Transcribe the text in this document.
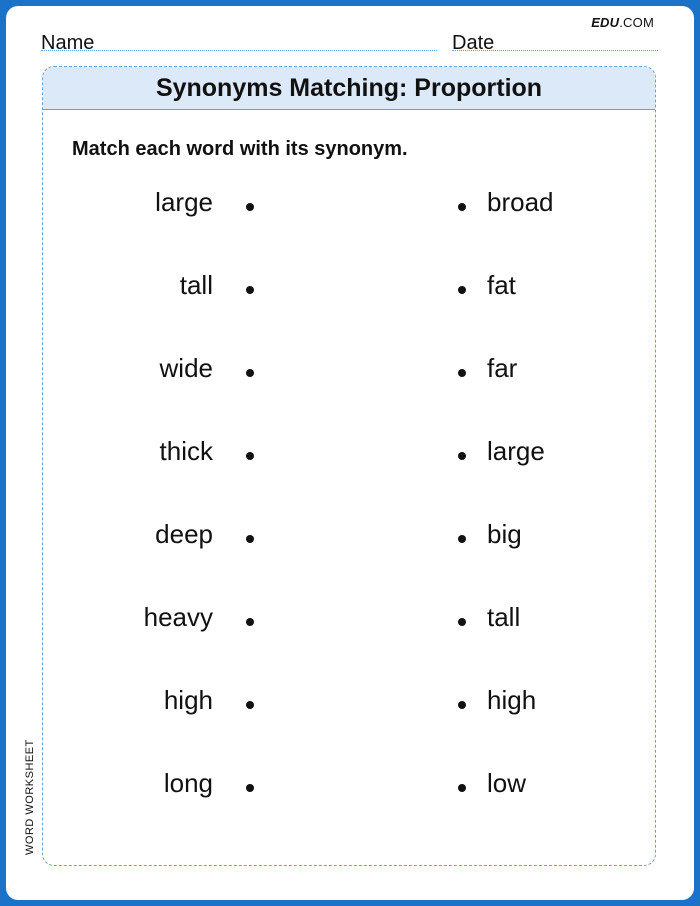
EDU.COM
Name	Date
Synonyms Matching: Proportion
Match each word with its synonym.
large	broad
tall	fat
wide	far
thick	large
deep	big
heavy	tall
high	high
long	low
WORD WORKSHEET
